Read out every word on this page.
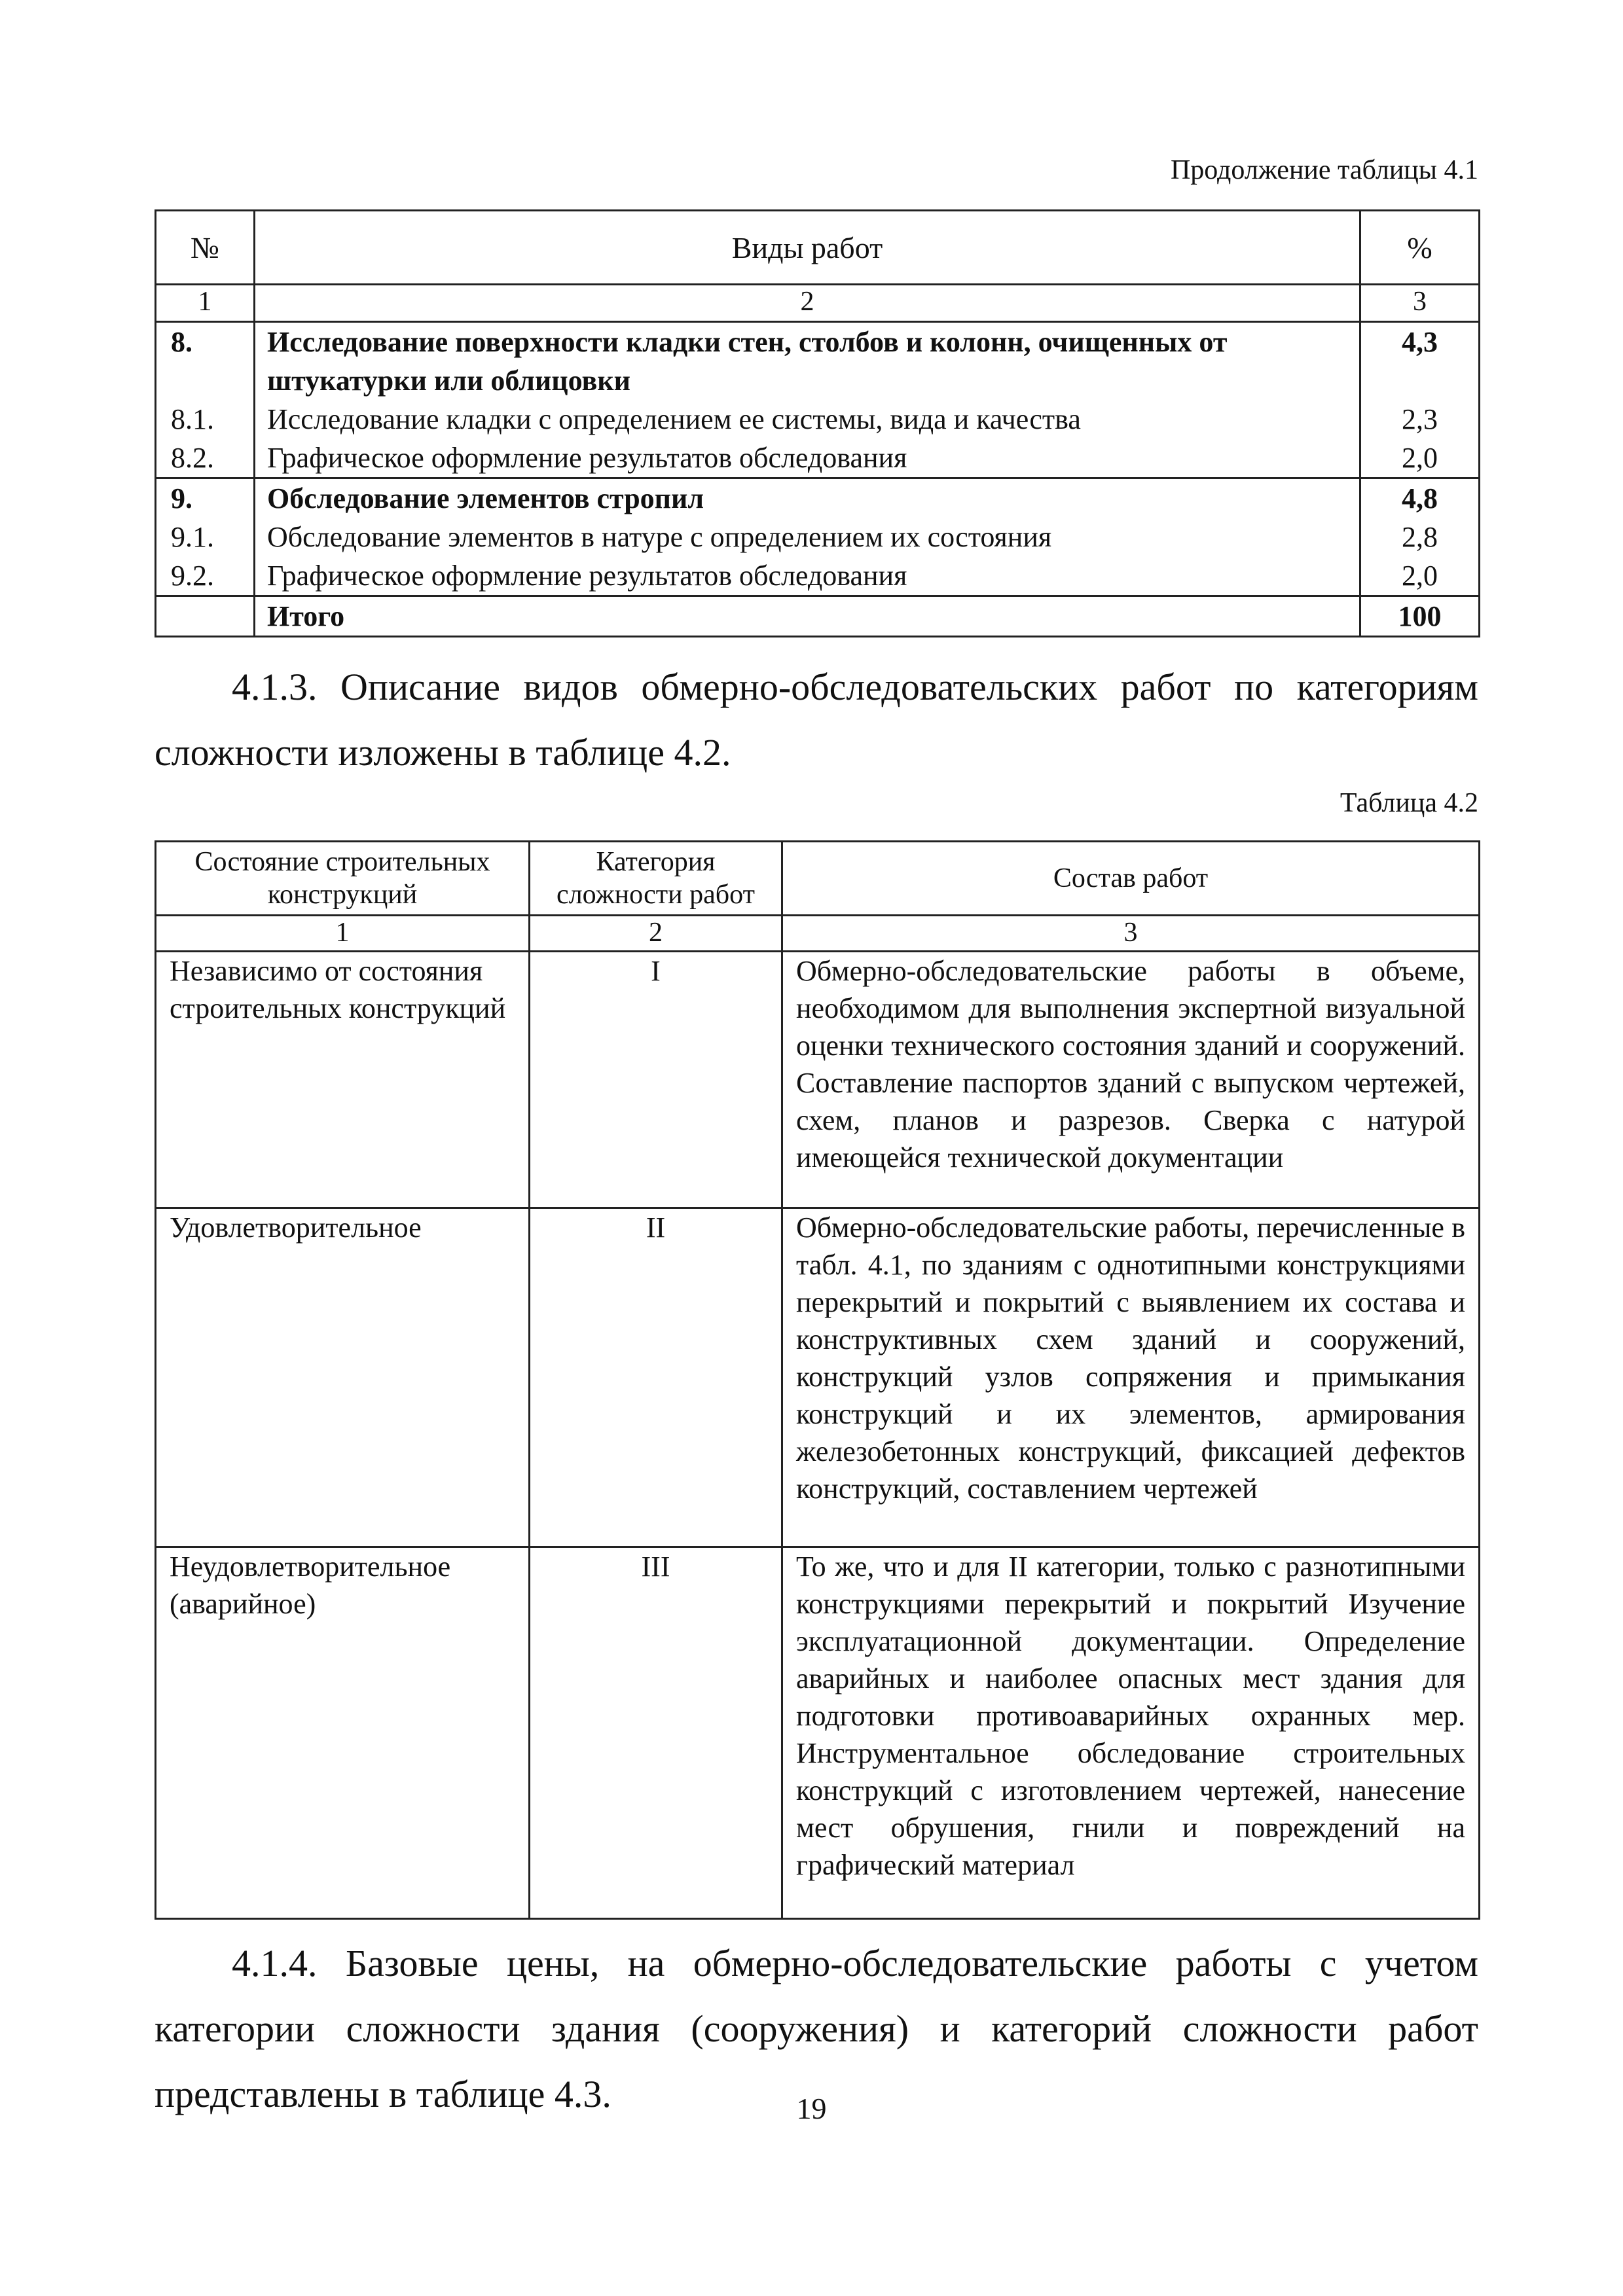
Продолжение таблицы 4.1
№	Виды работ	%
1	2	3
8.	Исследование поверхности кладки стен, столбов и колонн, очищенных от штукатурки или облицовки	4,3
8.1.	Исследование кладки с определением ее системы, вида и качества	2,3
8.2.	Графическое оформление результатов обследования	2,0
9.	Обследование элементов стропил	4,8
9.1.	Обследование элементов в натуре с определением их состояния	2,8
9.2.	Графическое оформление результатов обследования	2,0
	Итого	100
4.1.3. Описание видов обмерно-обследовательских работ по категориям сложности изложены в таблице 4.2.
Таблица 4.2
Состояние строительных конструкций	Категория сложности работ	Состав работ
1	2	3
Независимо от состояния строительных конструкций	I	Обмерно-обследовательские работы в объеме, необходимом для выполнения экспертной визуальной оценки технического состояния зданий и сооружений. Составление паспортов зданий с выпуском чертежей, схем, планов и разрезов. Сверка с натурой имеющейся технической документации
Удовлетворительное	II	Обмерно-обследовательские работы, перечисленные в табл. 4.1, по зданиям с однотипными конструкциями перекрытий и покрытий с выявлением их состава и конструктивных схем зданий и сооружений, конструкций узлов сопряжения и примыкания конструкций и их элементов, армирования железобетонных конструкций, фиксацией дефектов конструкций, составлением чертежей
Неудовлетворительное (аварийное)	III	То же, что и для II категории, только с разнотипными конструкциями перекрытий и покрытий Изучение эксплуатационной документации. Определение аварийных и наиболее опасных мест здания для подготовки противоаварийных охранных мер. Инструментальное обследование строительных конструкций с изготовлением чертежей, нанесение мест обрушения, гнили и повреждений на графический материал
4.1.4. Базовые цены, на обмерно-обследовательские работы с учетом категории сложности здания (сооружения) и категорий сложности работ представлены в таблице 4.3.	19
